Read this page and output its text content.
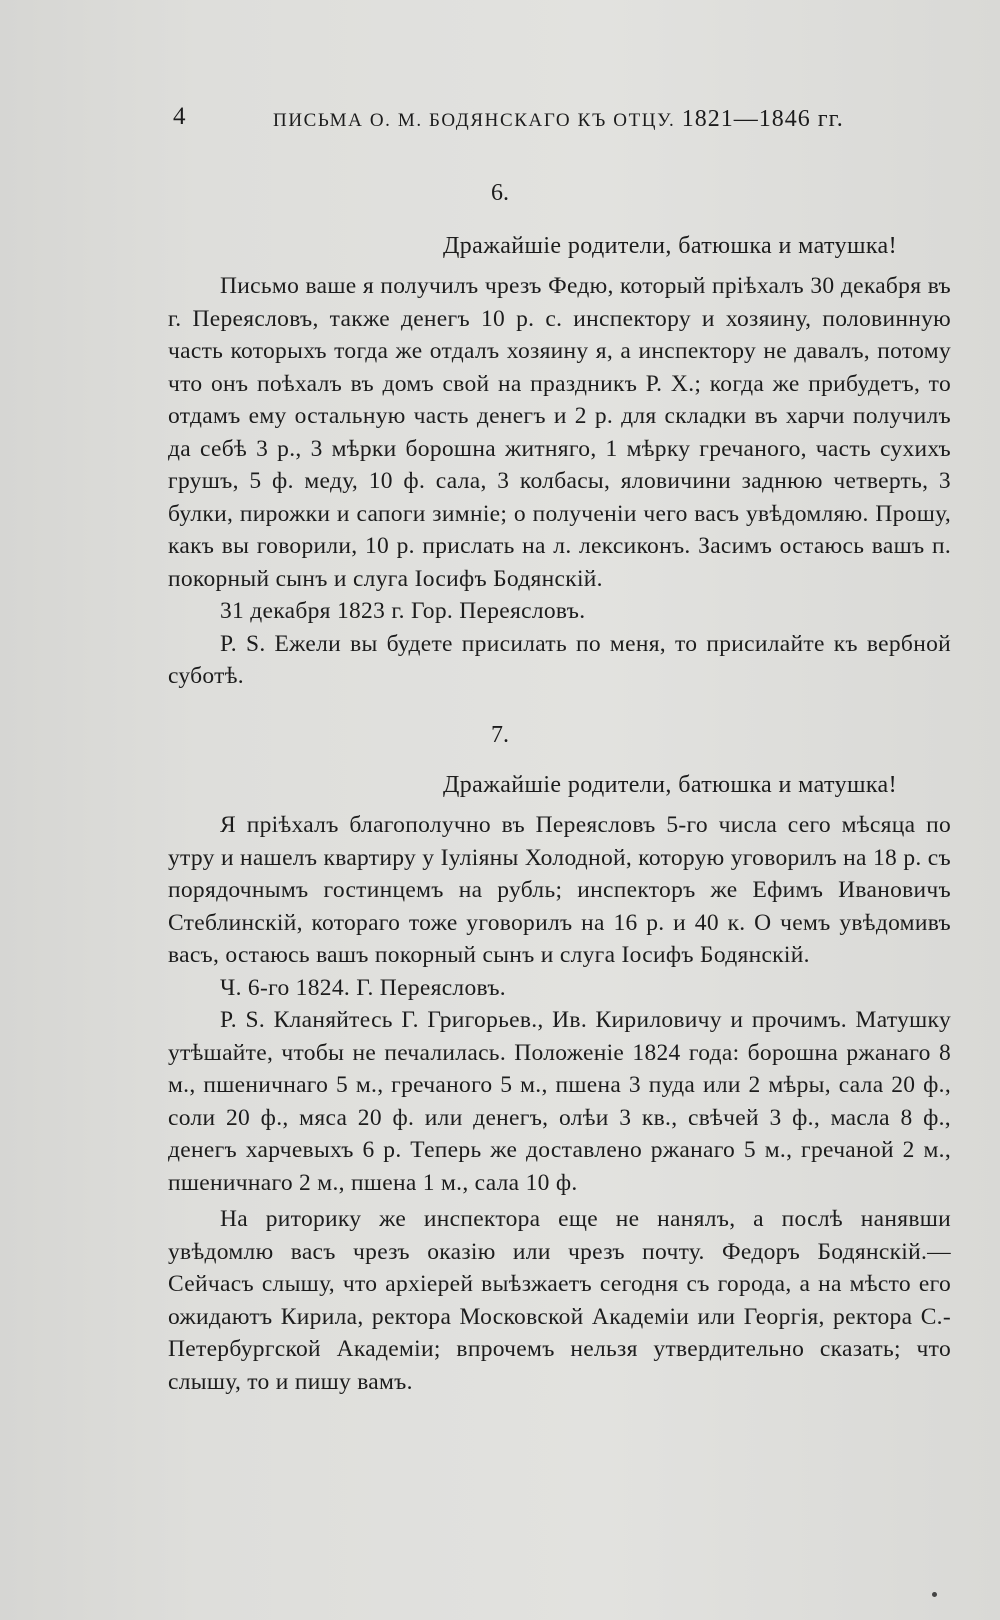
4	ПИСЬМА О. М. БОДЯНСКАГО КЪ ОТЦУ. 1821—1846 гг.
6.
Дражайшіе родители, батюшка и матушка!

Письмо ваше я получилъ чрезъ Федю, который пріѣхалъ 30 декабря въ г. Переясловъ, также денегъ 10 р. с. инспектору и хозяину, половинную часть которыхъ тогда же отдалъ хозяину я, а инспектору не давалъ, потому что онъ поѣхалъ въ домъ свой на праздникъ Р. Х.; когда же прибудетъ, то отдамъ ему остальную часть денегъ и 2 р. для складки въ харчи получилъ да себѣ 3 р., 3 мѣрки борошна житняго, 1 мѣрку гречаного, часть сухихъ грушъ, 5 ф. меду, 10 ф. сала, 3 колбасы, яловичини заднюю четверть, 3 булки, пирожки и сапоги зимніе; о полученіи чего васъ увѣдомляю. Прошу, какъ вы говорили, 10 р. прислать на л. лексиконъ. Засимъ остаюсь вашъ п. покорный сынъ и слуга Іосифъ Бодянскій.

31 декабря 1823 г. Гор. Переясловъ.

P. S. Ежели вы будете присилать по меня, то присилайте къ вербной суботѣ.

7.
Дражайшіе родители, батюшка и матушка!

Я пріѣхалъ благополучно въ Переясловъ 5-го числа сего мѣсяца по утру и нашелъ квартиру у Іуліяны Холодной, которую уговорилъ на 18 р. съ порядочнымъ гостинцемъ на рубль; инспекторъ же Ефимъ Ивановичъ Стеблинскій, котораго тоже уговорилъ на 16 р. и 40 к. О чемъ увѣдомивъ васъ, остаюсь вашъ покорный сынъ и слуга Іосифъ Бодянскій.

Ч. 6-го 1824. Г. Переясловъ.

P. S. Кланяйтесь Г. Григорьев., Ив. Кириловичу и прочимъ. Матушку утѣшайте, чтобы не печалилась. Положеніе 1824 года: борошна ржанаго 8 м., пшеничнаго 5 м., гречаного 5 м., пшена 3 пуда или 2 мѣры, сала 20 ф., соли 20 ф., мяса 20 ф. или денегъ, олѣи 3 кв., свѣчей 3 ф., масла 8 ф., денегъ харчевыхъ 6 р. Теперь же доставлено ржанаго 5 м., гречаной 2 м., пшеничнаго 2 м., пшена 1 м., сала 10 ф.

На риторику же инспектора еще не нанялъ, а послѣ нанявши увѣдомлю васъ чрезъ оказію или чрезъ почту. Федоръ Бодянскій.— Сейчасъ слышу, что архіерей выѣзжаетъ сегодня съ города, а на мѣсто его ожидаютъ Кирила, ректора Московской Академіи или Георгія, ректора С.-Петербургской Академіи; впрочемъ нельзя утвердительно сказать; что слышу, то и пишу вамъ.
